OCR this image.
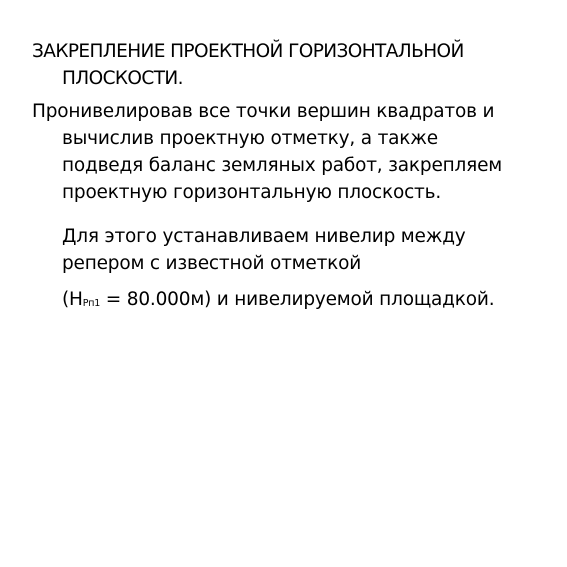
ЗАКРЕПЛЕНИЕ ПРОЕКТНОЙ ГОРИЗОНТАЛЬНОЙ
ПЛОСКОСТИ.
Пронивелировав все точки вершин квадратов и
вычислив проектную отметку, а также
подведя баланс земляных работ, закрепляем
проектную горизонтальную плоскость.
Для этого устанавливаем нивелир между
репером с известной отметкой
(НРп1 = 80.000м) и нивелируемой площадкой.
